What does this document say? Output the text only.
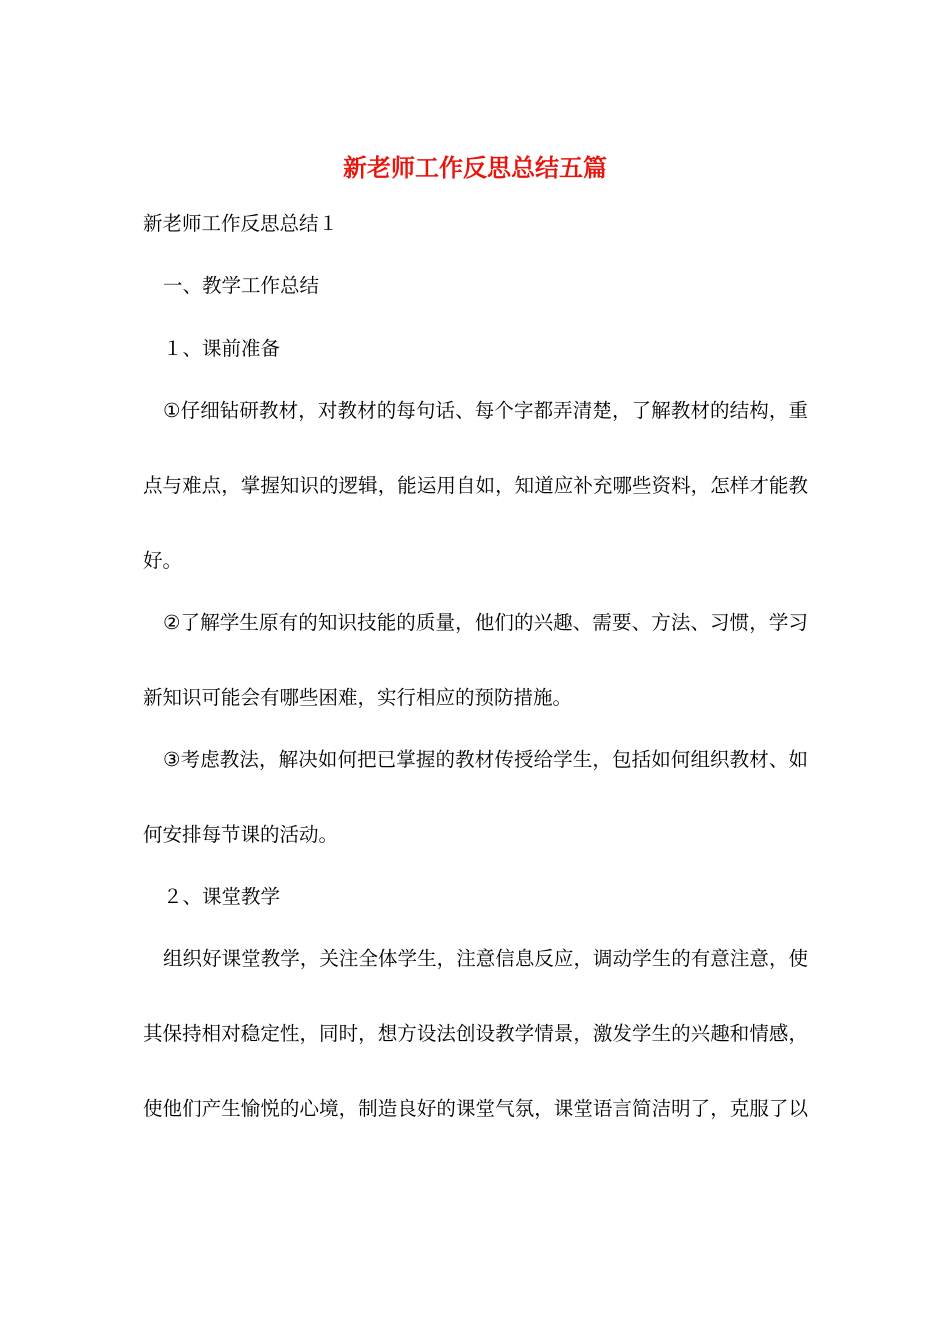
新老师工作反思总结五篇
新老师工作反思总结１
一、教学工作总结
１、课前准备
①仔细钻研教材，对教材的每句话、每个字都弄清楚，了解教材的结构，重
点与难点，掌握知识的逻辑，能运用自如，知道应补充哪些资料，怎样才能教
好。
②了解学生原有的知识技能的质量，他们的兴趣、需要、方法、习惯，学习
新知识可能会有哪些困难，实行相应的预防措施。
③考虑教法，解决如何把已掌握的教材传授给学生，包括如何组织教材、如
何安排每节课的活动。
２、课堂教学
组织好课堂教学，关注全体学生，注意信息反应，调动学生的有意注意，使
其保持相对稳定性，同时，想方设法创设教学情景，激发学生的兴趣和情感，
使他们产生愉悦的心境，制造良好的课堂气氛，课堂语言简洁明了，克服了以
